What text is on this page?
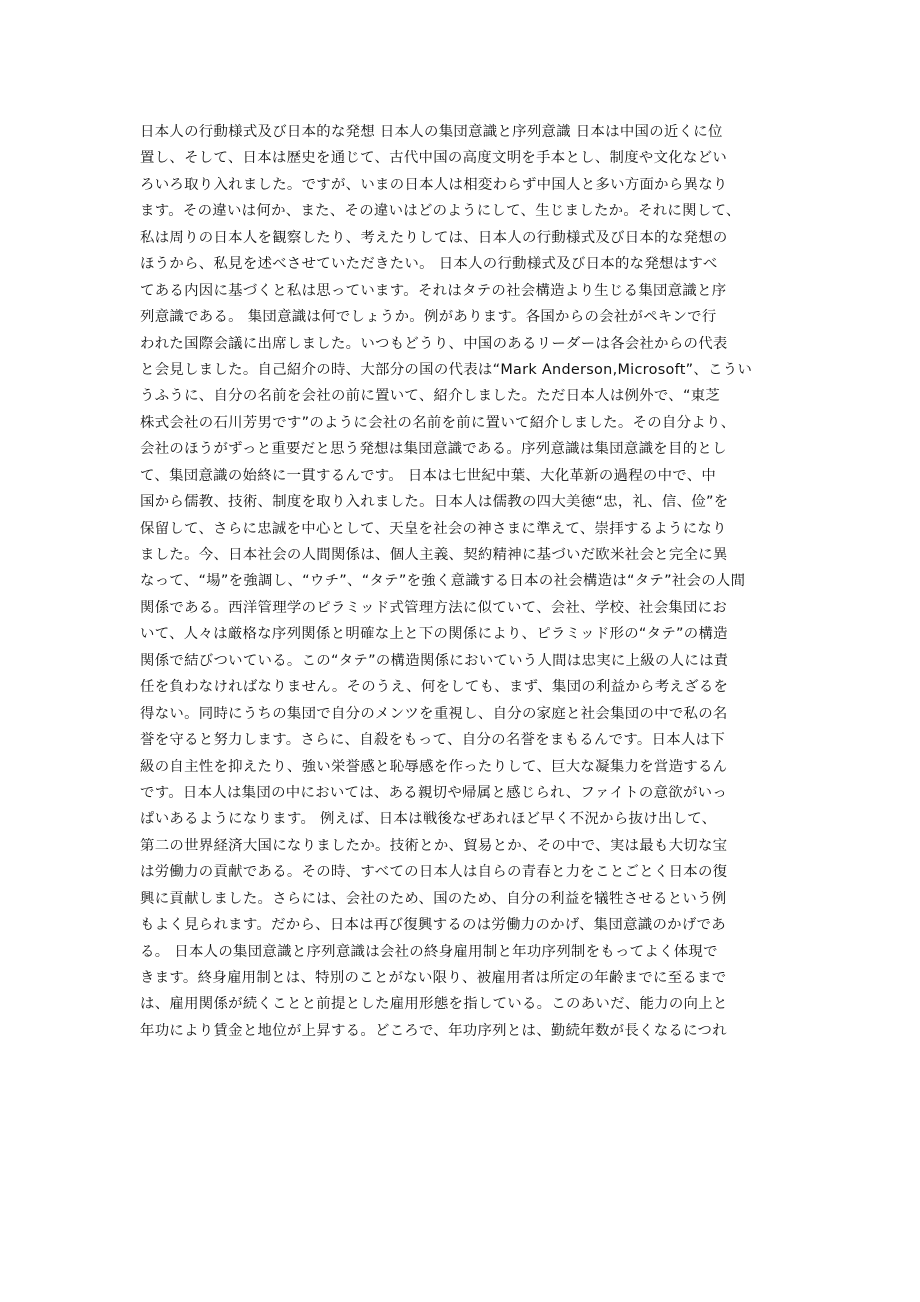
日本人の行動様式及び日本的な発想 日本人の集団意識と序列意識 日本は中国の近くに位
置し、そして、日本は歴史を通じて、古代中国の高度文明を手本とし、制度や文化などい
ろいろ取り入れました。ですが、いまの日本人は相変わらず中国人と多い方面から異なり
ます。その違いは何か、また、その違いはどのようにして、生じましたか。それに関して、
私は周りの日本人を観察したり、考えたりしては、日本人の行動様式及び日本的な発想の
ほうから、私見を述べさせていただきたい。 日本人の行動様式及び日本的な発想はすべ
てある内因に基づくと私は思っています。それはタテの社会構造より生じる集団意識と序
列意識である。 集団意識は何でしょうか。例があります。各国からの会社がペキンで行
われた国際会議に出席しました。いつもどうり、中国のあるリーダーは各会社からの代表
と会見しました。自己紹介の時、大部分の国の代表は“Mark Anderson,Microsoft”、こうい
うふうに、自分の名前を会社の前に置いて、紹介しました。ただ日本人は例外で、“東芝
株式会社の石川芳男です”のように会社の名前を前に置いて紹介しました。その自分より、
会社のほうがずっと重要だと思う発想は集団意識である。序列意識は集団意識を目的とし
て、集団意識の始終に一貫するんです。 日本は七世紀中葉、大化革新の過程の中で、中
国から儒教、技術、制度を取り入れました。日本人は儒教の四大美徳“忠，礼、信、俭”を
保留して、さらに忠誠を中心として、天皇を社会の神さまに準えて、崇拝するようになり
ました。今、日本社会の人間関係は、個人主義、契約精神に基づいだ欧米社会と完全に異
なって、“場”を強調し、“ウチ”、“タテ”を強く意識する日本の社会構造は“タテ”社会の人間
関係である。西洋管理学のピラミッド式管理方法に似ていて、会社、学校、社会集団にお
いて、人々は厳格な序列関係と明確な上と下の関係により、ピラミッド形の“タテ”の構造
関係で結びついている。この“タテ”の構造関係においていう人間は忠実に上級の人には責
任を負わなければなりません。そのうえ、何をしても、まず、集団の利益から考えざるを
得ない。同時にうちの集団で自分のメンツを重視し、自分の家庭と社会集団の中で私の名
誉を守ると努力します。さらに、自殺をもって、自分の名誉をまもるんです。日本人は下
級の自主性を抑えたり、強い栄誉感と恥辱感を作ったりして、巨大な凝集力を営造するん
です。日本人は集団の中においては、ある親切や帰属と感じられ、ファイトの意欲がいっ
ぱいあるようになります。 例えば、日本は戦後なぜあれほど早く不況から抜け出して、
第二の世界経済大国になりましたか。技術とか、貿易とか、その中で、実は最も大切な宝
は労働力の貢献である。その時、すべての日本人は自らの青春と力をことごとく日本の復
興に貢献しました。さらには、会社のため、国のため、自分の利益を犠牲させるという例
もよく見られます。だから、日本は再び復興するのは労働力のかげ、集団意識のかげであ
る。 日本人の集団意識と序列意識は会社の終身雇用制と年功序列制をもってよく体現で
きます。終身雇用制とは、特別のことがない限り、被雇用者は所定の年齢までに至るまで
は、雇用関係が続くことと前提とした雇用形態を指している。このあいだ、能力の向上と
年功により賃金と地位が上昇する。どころで、年功序列とは、勤続年数が長くなるにつれ
